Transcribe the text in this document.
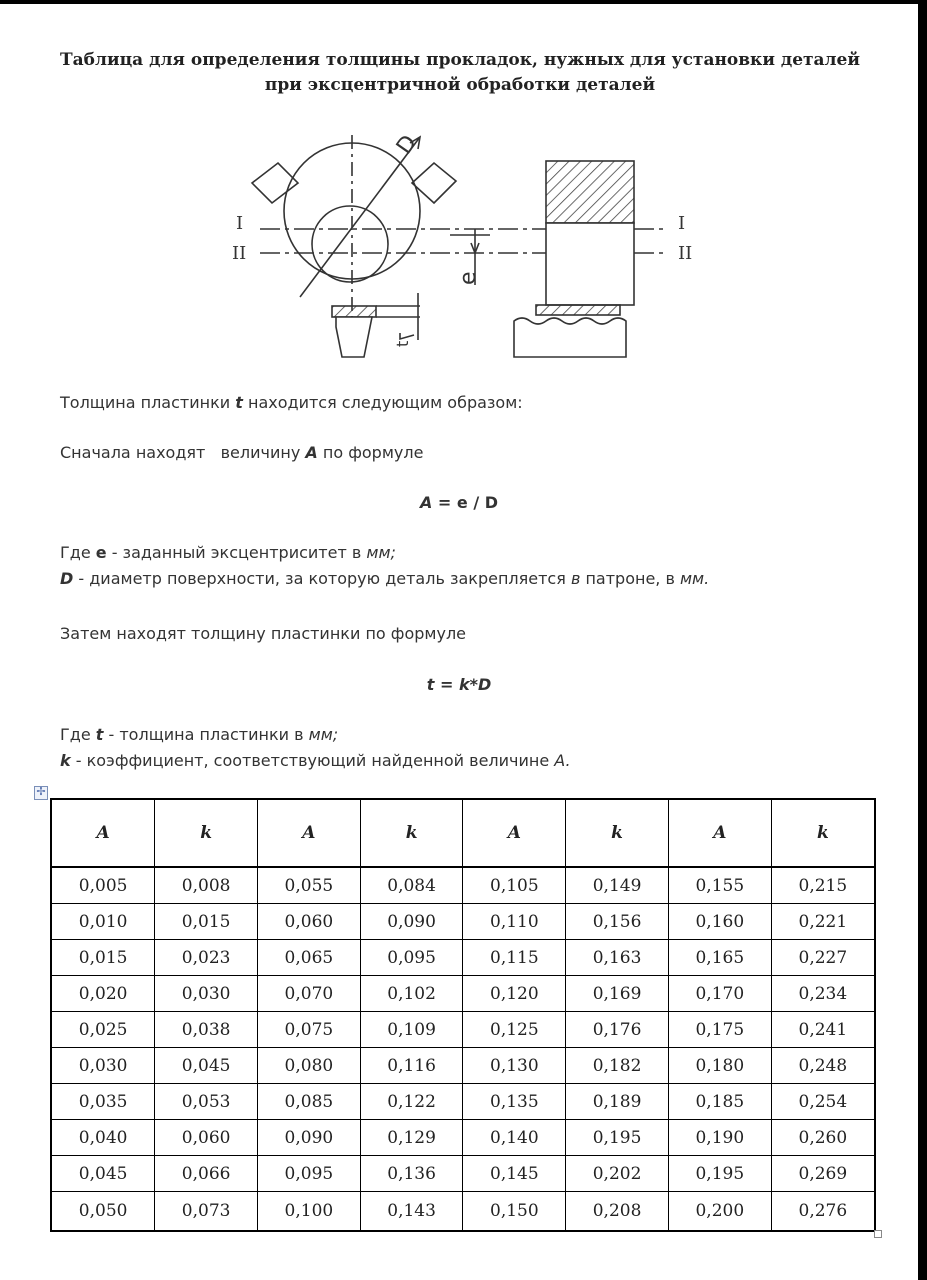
Таблица для определения толщины прокладок, нужных для установки деталей при эксцентричной обработки деталей
D
e
I
II
I
II
t
Толщина пластинки t находится следующим образом:
Сначала находят   величину A по формуле
A = e / D
Где e - заданный эксцентриситет в мм;
D - диаметр поверхности, за которую деталь закрепляется в патроне, в мм.
Затем находят толщину пластинки по формуле
t = k*D
Где t - толщина пластинки в мм;
k - коэффициент, соответствующий найденной величине A.
✢
A	k	A	k	A	k	A	k
0,005	0,008	0,055	0,084	0,105	0,149	0,155	0,215
0,010	0,015	0,060	0,090	0,110	0,156	0,160	0,221
0,015	0,023	0,065	0,095	0,115	0,163	0,165	0,227
0,020	0,030	0,070	0,102	0,120	0,169	0,170	0,234
0,025	0,038	0,075	0,109	0,125	0,176	0,175	0,241
0,030	0,045	0,080	0,116	0,130	0,182	0,180	0,248
0,035	0,053	0,085	0,122	0,135	0,189	0,185	0,254
0,040	0,060	0,090	0,129	0,140	0,195	0,190	0,260
0,045	0,066	0,095	0,136	0,145	0,202	0,195	0,269
0,050	0,073	0,100	0,143	0,150	0,208	0,200	0,276
